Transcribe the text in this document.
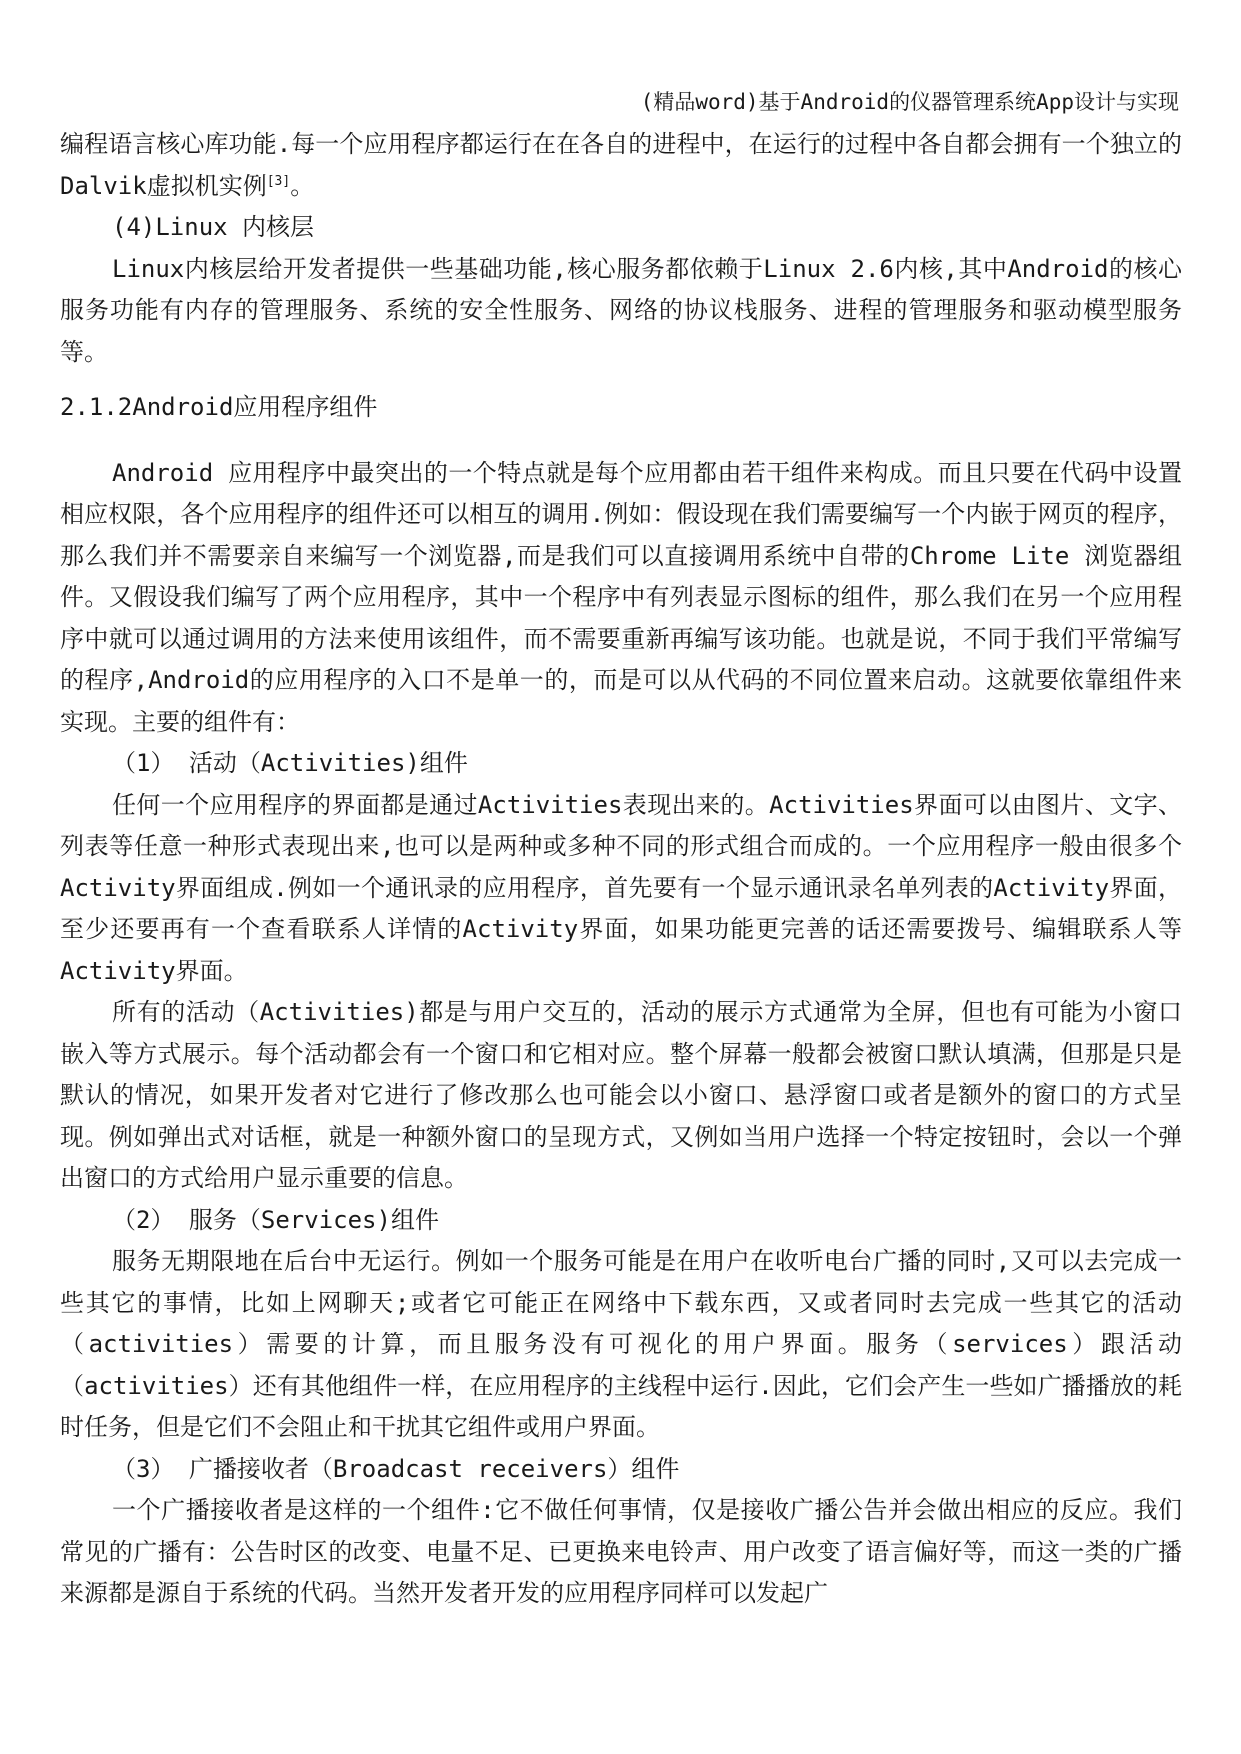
(精品word)基于Android的仪器管理系统App设计与实现

编程语言核心库功能.每一个应用程序都运行在在各自的进程中，在运行的过程中各自都会拥有一个独立的Dalvik虚拟机实例[3]。

(4)Linux 内核层

Linux内核层给开发者提供一些基础功能,核心服务都依赖于Linux 2.6内核,其中Android的核心服务功能有内存的管理服务、系统的安全性服务、网络的协议栈服务、进程的管理服务和驱动模型服务等。

2.1.2Android应用程序组件

Android 应用程序中最突出的一个特点就是每个应用都由若干组件来构成。而且只要在代码中设置相应权限，各个应用程序的组件还可以相互的调用.例如：假设现在我们需要编写一个内嵌于网页的程序，那么我们并不需要亲自来编写一个浏览器,而是我们可以直接调用系统中自带的Chrome Lite 浏览器组件。又假设我们编写了两个应用程序，其中一个程序中有列表显示图标的组件，那么我们在另一个应用程序中就可以通过调用的方法来使用该组件，而不需要重新再编写该功能。也就是说，不同于我们平常编写的程序,Android的应用程序的入口不是单一的，而是可以从代码的不同位置来启动。这就要依靠组件来实现。主要的组件有：

（1） 活动（Activities)组件

任何一个应用程序的界面都是通过Activities表现出来的。Activities界面可以由图片、文字、列表等任意一种形式表现出来,也可以是两种或多种不同的形式组合而成的。一个应用程序一般由很多个Activity界面组成.例如一个通讯录的应用程序，首先要有一个显示通讯录名单列表的Activity界面，至少还要再有一个查看联系人详情的Activity界面，如果功能更完善的话还需要拨号、编辑联系人等Activity界面。

所有的活动（Activities)都是与用户交互的，活动的展示方式通常为全屏，但也有可能为小窗口嵌入等方式展示。每个活动都会有一个窗口和它相对应。整个屏幕一般都会被窗口默认填满，但那是只是默认的情况，如果开发者对它进行了修改那么也可能会以小窗口、悬浮窗口或者是额外的窗口的方式呈现。例如弹出式对话框，就是一种额外窗口的呈现方式，又例如当用户选择一个特定按钮时，会以一个弹出窗口的方式给用户显示重要的信息。

（2） 服务（Services)组件

服务无期限地在后台中无运行。例如一个服务可能是在用户在收听电台广播的同时,又可以去完成一些其它的事情，比如上网聊天;或者它可能正在网络中下载东西，又或者同时去完成一些其它的活动（activities）需要的计算，而且服务没有可视化的用户界面。服务（services）跟活动（activities）还有其他组件一样，在应用程序的主线程中运行.因此，它们会产生一些如广播播放的耗时任务，但是它们不会阻止和干扰其它组件或用户界面。

（3） 广播接收者（Broadcast receivers）组件

一个广播接收者是这样的一个组件:它不做任何事情，仅是接收广播公告并会做出相应的反应。我们常见的广播有：公告时区的改变、电量不足、已更换来电铃声、用户改变了语言偏好等，而这一类的广播来源都是源自于系统的代码。当然开发者开发的应用程序同样可以发起广
